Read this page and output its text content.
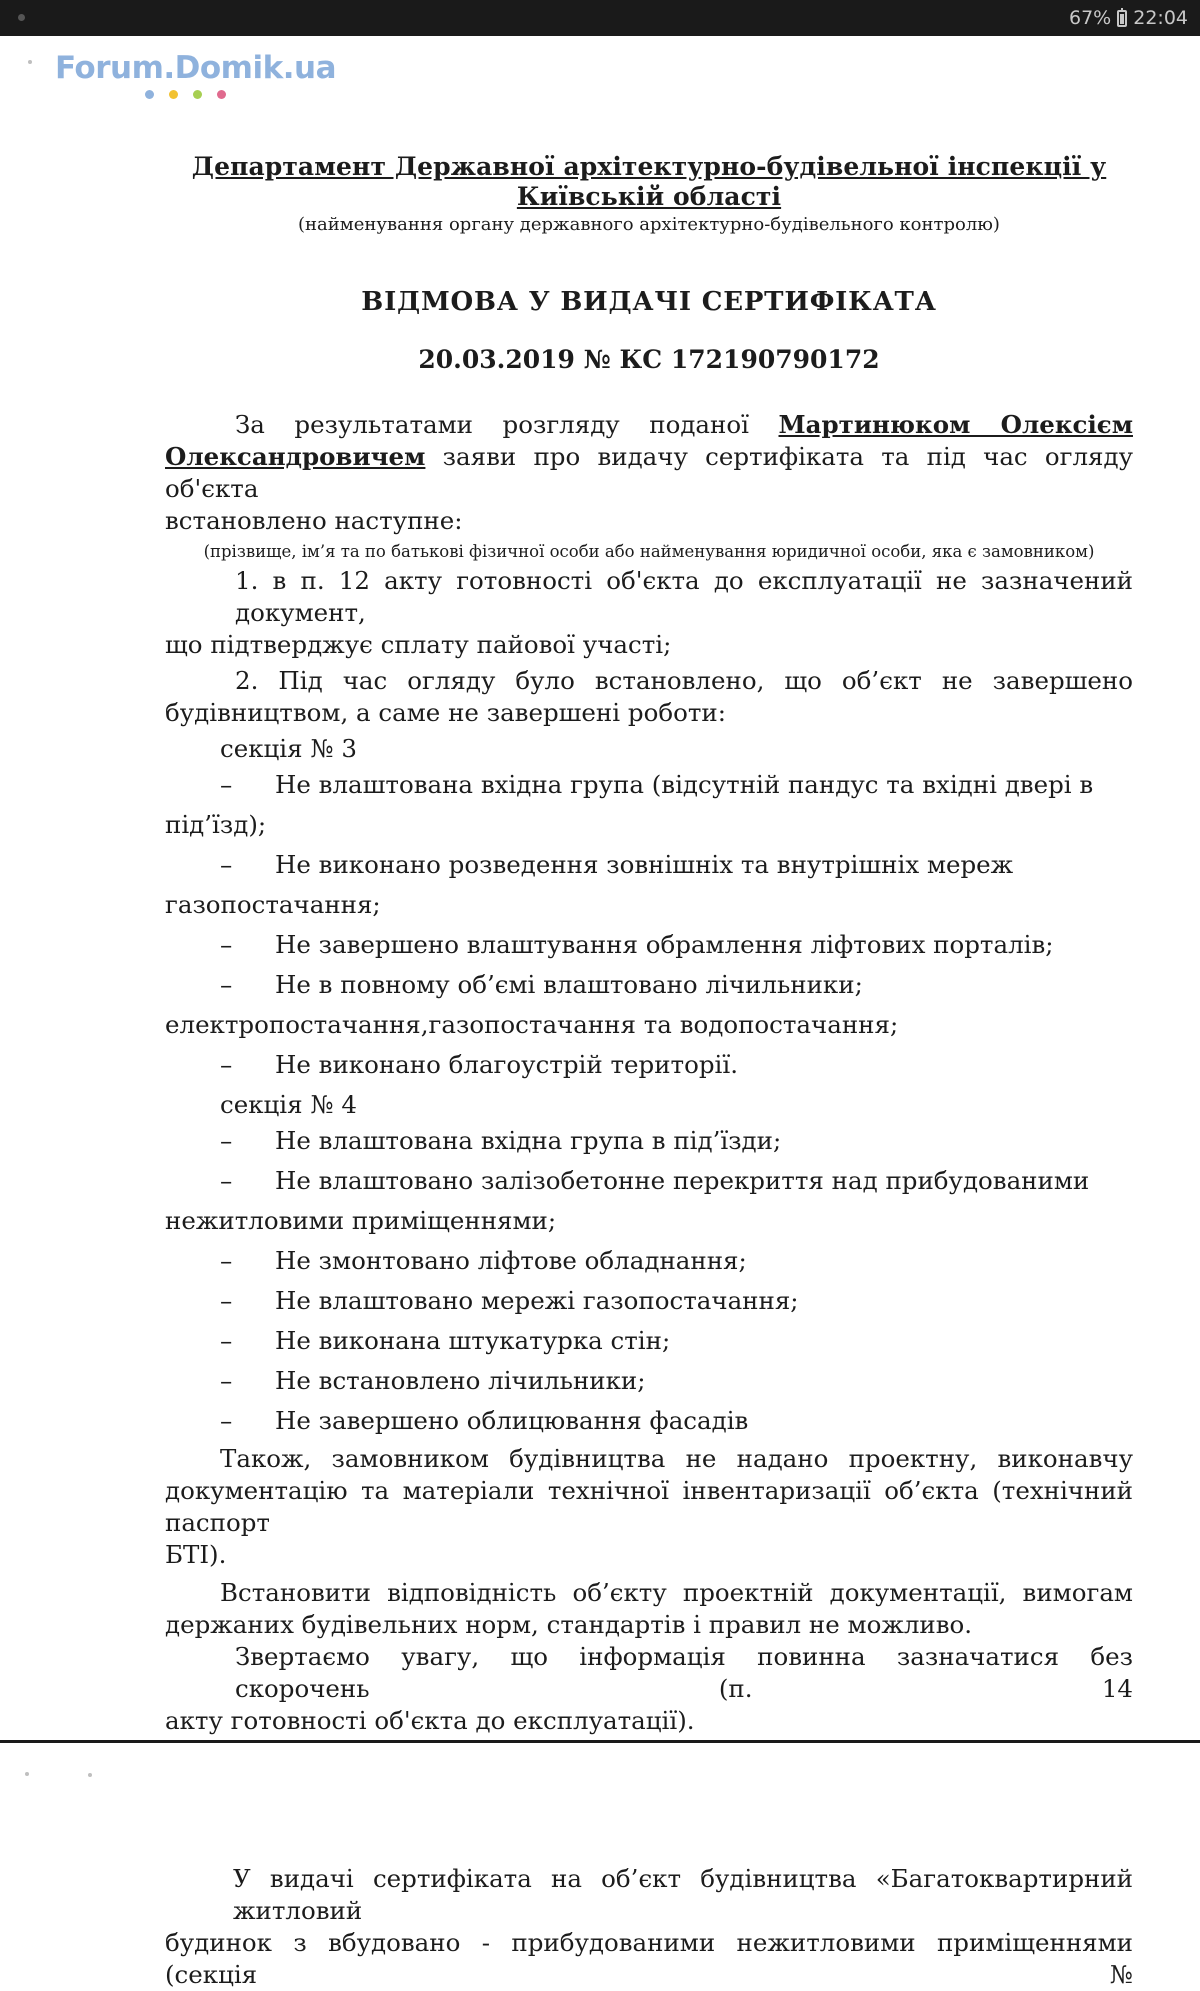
67% 22:04
Forum.Domik.ua
Департамент Державної архітектурно-будівельної інспекції у Київській області
(найменування органу державного архітектурно-будівельного контролю)
ВІДМОВА У ВИДАЧІ СЕРТИФІКАТА
20.03.2019 № КС 172190790172

За результатами розгляду поданої Мартинюком Олексієм

Олександровичем заяви про видачу сертифіката та під час огляду об'єкта

встановлено наступне:

(прізвище, ім’я та по батькові фізичної особи або найменування юридичної особи, яка є замовником)

1. в п. 12 акту готовності об'єкта до експлуатації не зазначений документ,

що підтверджує сплату пайової участі;

2. Під час огляду було встановлено, що об’єкт не завершено

будівництвом, а саме не завершені роботи:

секція № 3

– Не влаштована вхідна група (відсутній пандус та вхідні двері в

під’їзд);

– Не виконано розведення зовнішніх та внутрішніх мереж

газопостачання;

– Не завершено влаштування обрамлення ліфтових порталів;

– Не в повному об’ємі влаштовано лічильники;

електропостачання,газопостачання та водопостачання;

– Не виконано благоустрій території.

секція № 4

– Не влаштована вхідна група в під’їзди;

– Не влаштовано залізобетонне перекриття над прибудованими

нежитловими приміщеннями;

– Не змонтовано ліфтове обладнання;

– Не влаштовано мережі газопостачання;

– Не виконана штукатурка стін;

– Не встановлено лічильники;

– Не завершено облицювання фасадів

Також, замовником будівництва не надано проектну, виконавчу

документацію та матеріали технічної інвентаризації об’єкта (технічний паспорт

БТІ).

Встановити відповідність об’єкту проектній документації, вимогам

держаних будівельних норм, стандартів і правил не можливо.

Звертаємо увагу, що інформація повинна зазначатися без скорочень (п. 14

акту готовності об'єкта до експлуатації).

У видачі сертифіката на об’єкт будівництва «Багатоквартирний житловий

будинок з вбудовано - прибудованими нежитловими приміщеннями (секція №
